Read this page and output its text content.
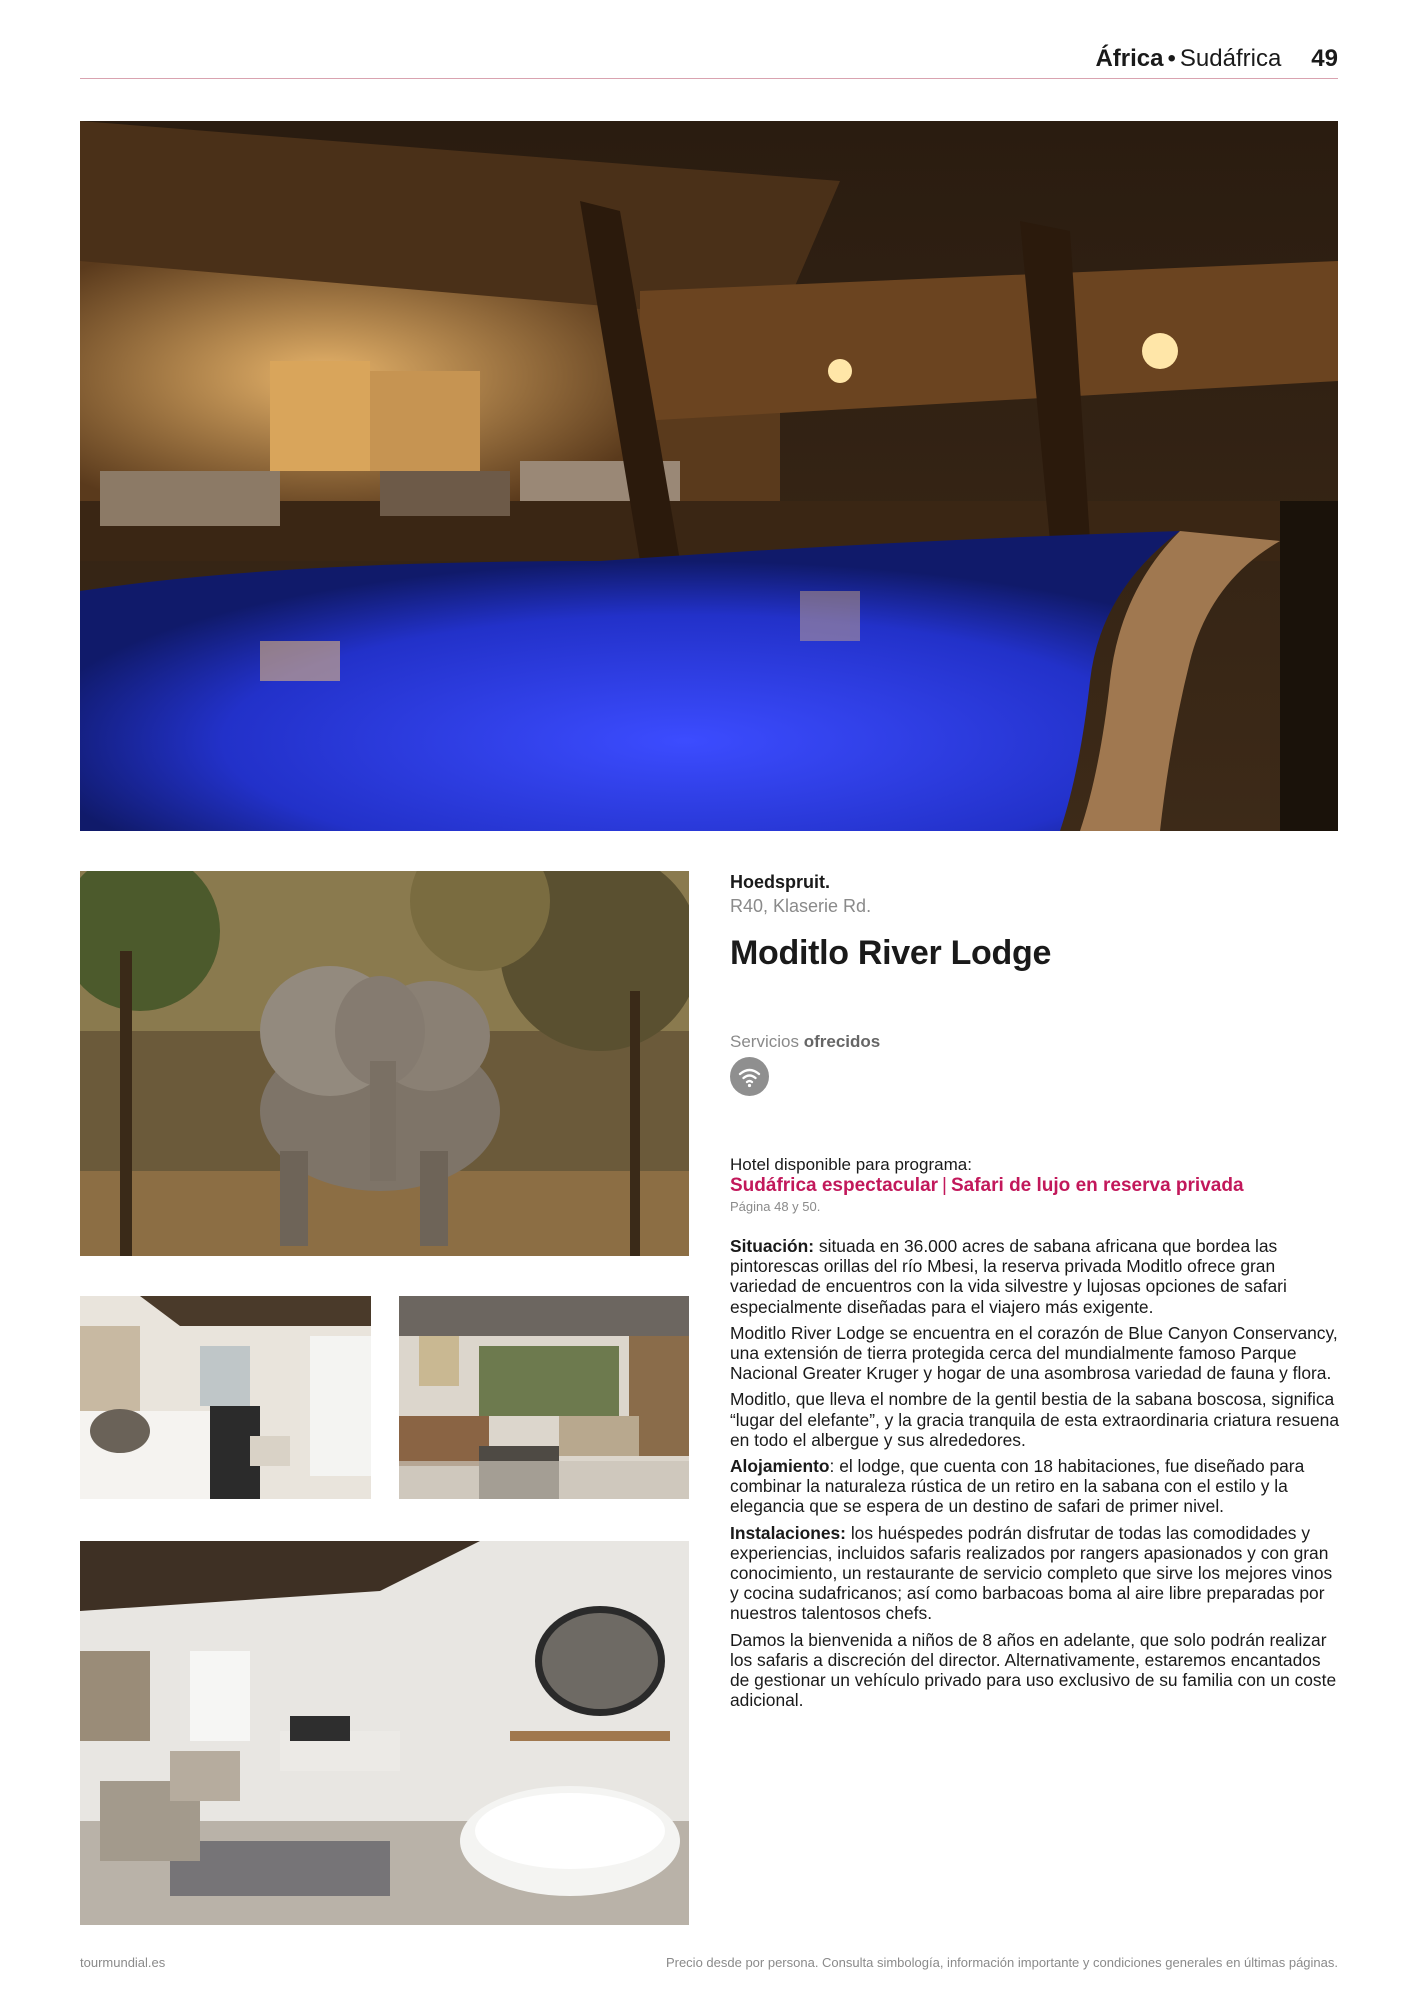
África • Sudáfrica 49
Hoedspruit.
R40, Klaserie Rd.
Moditlo River Lodge
Servicios ofrecidos
Hotel disponible para programa:
Sudáfrica espectacular | Safari de lujo en reserva privada
Página 48 y 50.

Situación: situada en 36.000 acres de sabana africana que bordea las pintorescas orillas del río Mbesi, la reserva privada Moditlo ofrece gran variedad de encuentros con la vida silvestre y lujosas opciones de safari especialmente diseñadas para el viajero más exigente.

Moditlo River Lodge se encuentra en el corazón de Blue Canyon Conservancy, una extensión de tierra protegida cerca del mundialmente famoso Parque Nacional Greater Kruger y hogar de una asombrosa variedad de fauna y flora.

Moditlo, que lleva el nombre de la gentil bestia de la sabana boscosa, significa “lugar del elefante”, y la gracia tranquila de esta extraordinaria criatura resuena en todo el albergue y sus alrededores.

Alojamiento: el lodge, que cuenta con 18 habitaciones, fue diseñado para combinar la naturaleza rústica de un retiro en la sabana con el estilo y la elegancia que se espera de un destino de safari de primer nivel.

Instalaciones: los huéspedes podrán disfrutar de todas las comodidades y experiencias, incluidos safaris realizados por rangers apasionados y con gran conocimiento, un restaurante de servicio completo que sirve los mejores vinos y cocina sudafricanos; así como barbacoas boma al aire libre preparadas por nuestros talentosos chefs.

Damos la bienvenida a niños de 8 años en adelante, que solo podrán realizar los safaris a discreción del director. Alternativamente, estaremos encantados de gestionar un vehículo privado para uso exclusivo de su familia con un coste adicional.

tourmundial.es	Precio desde por persona. Consulta simbología, información importante y condiciones generales en últimas páginas.
